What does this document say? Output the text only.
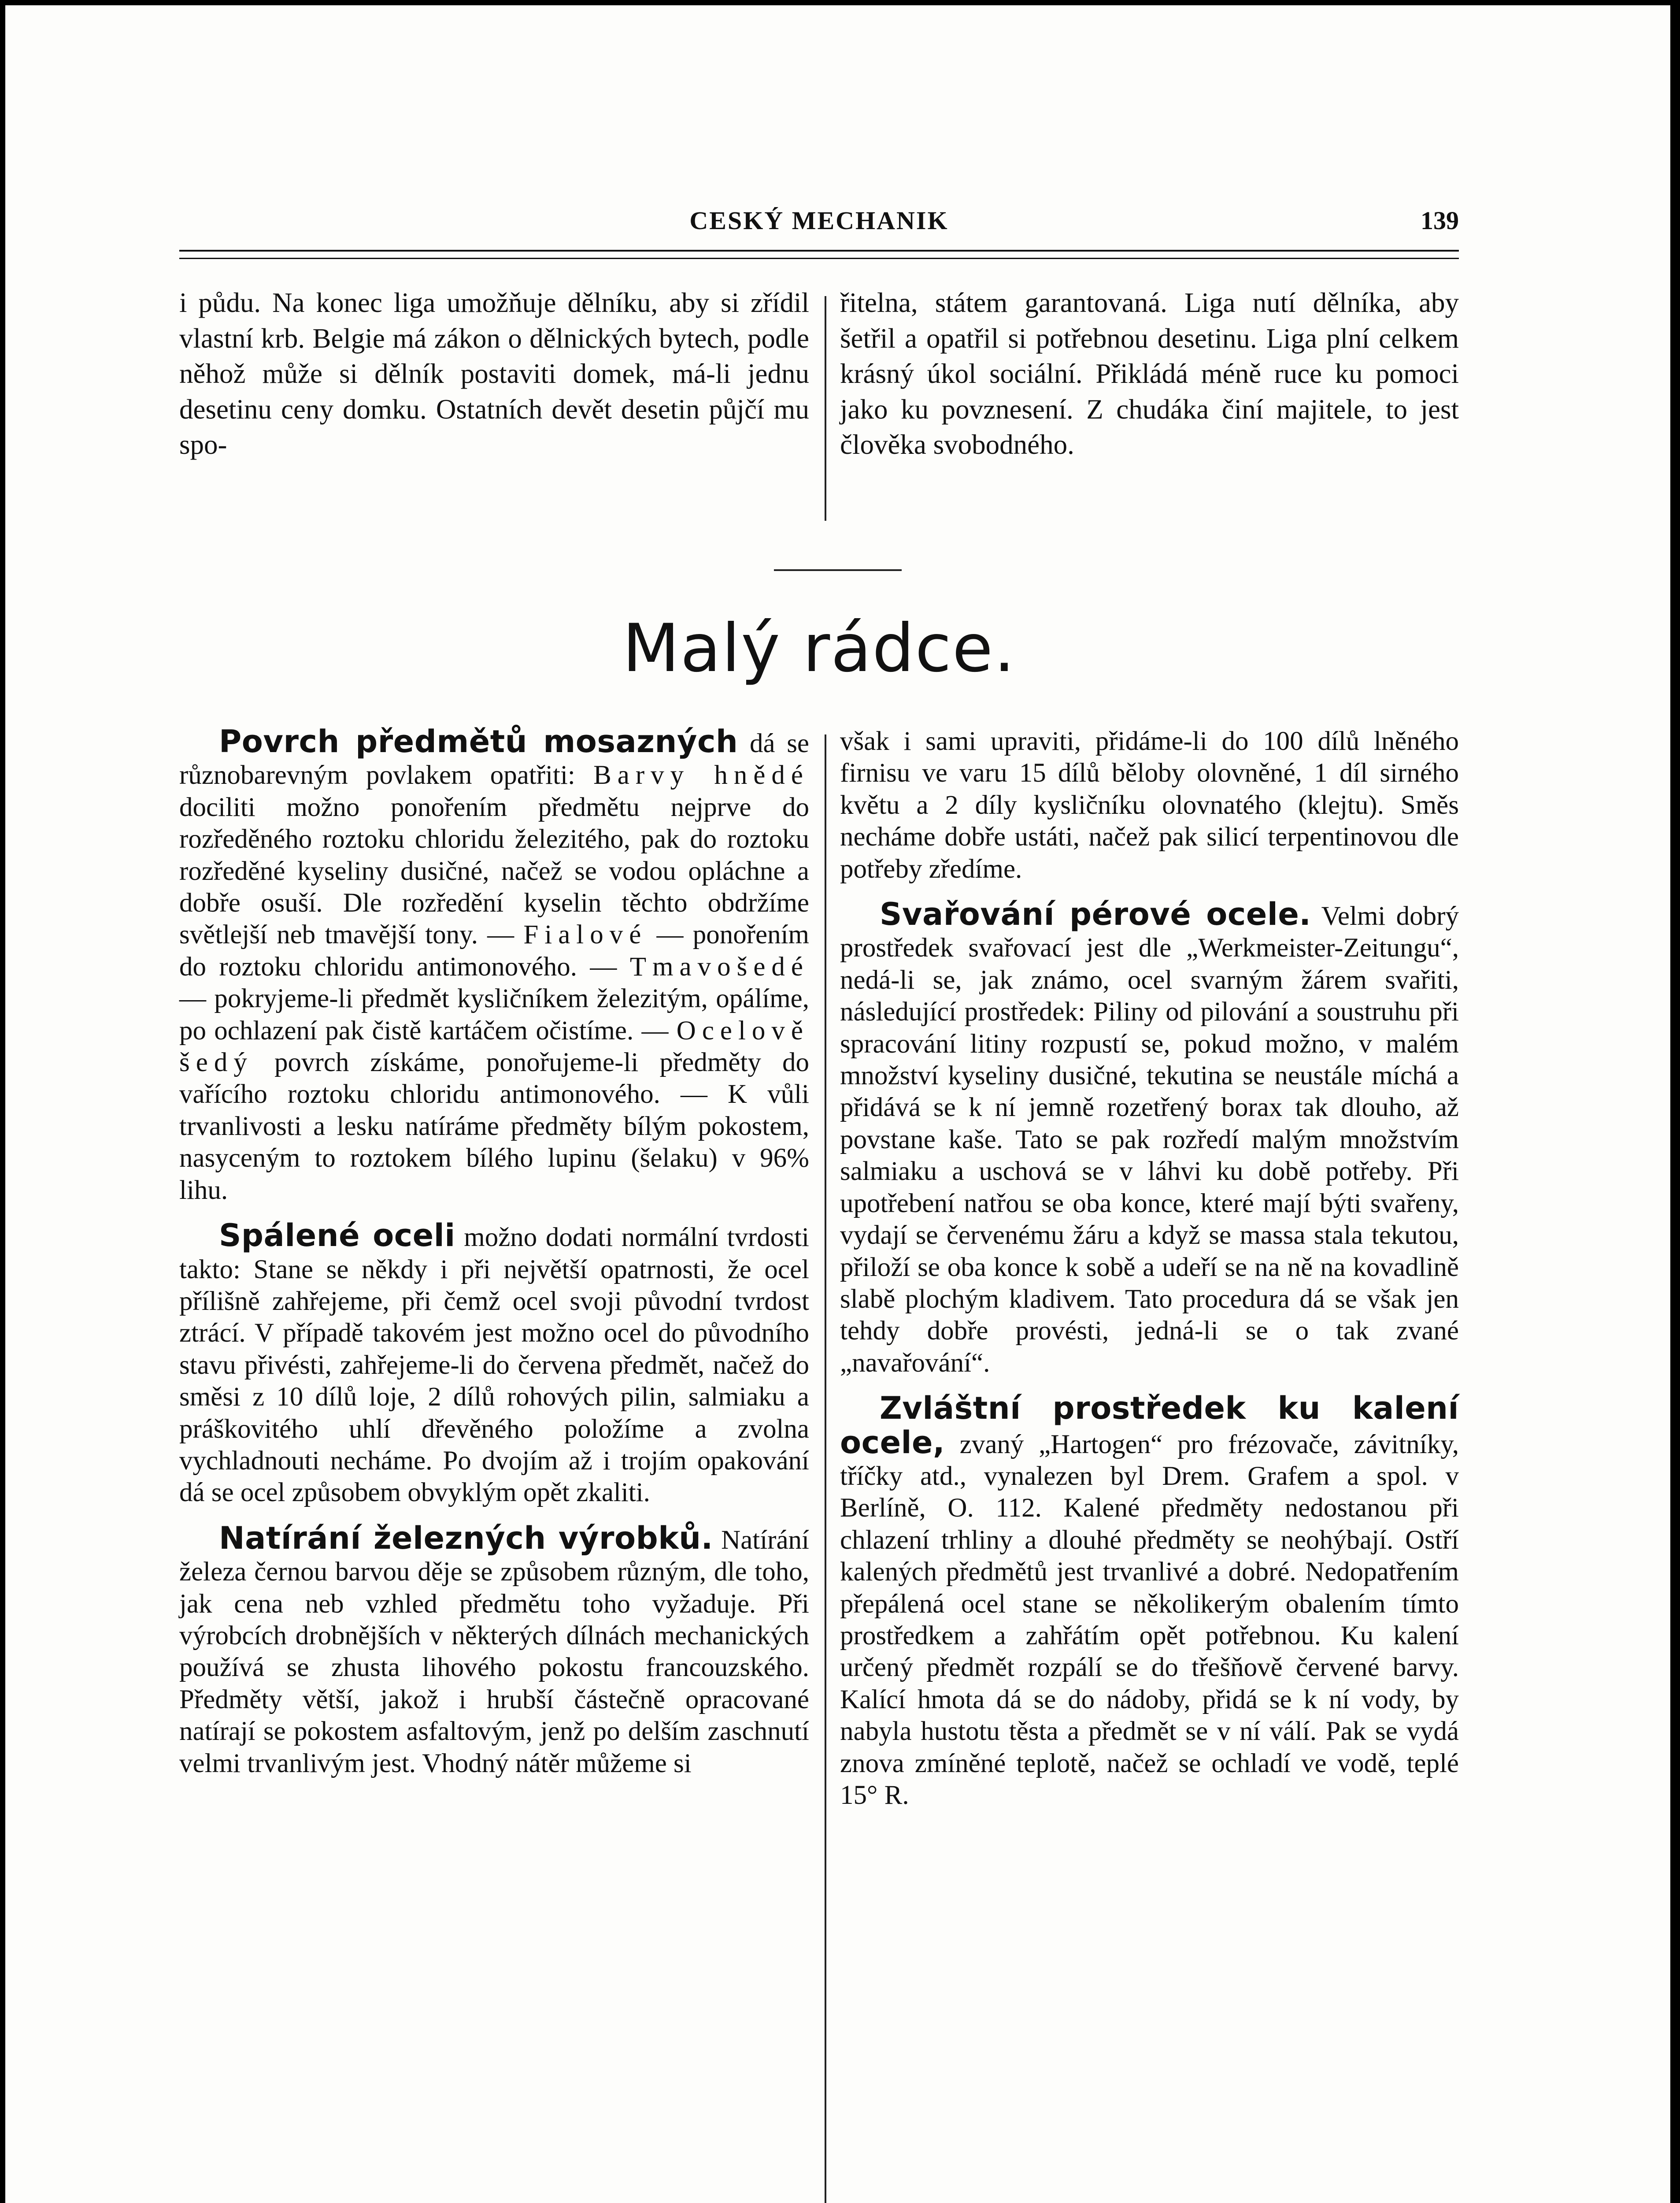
CESKÝ MECHANIK	139

i půdu. Na konec liga umožňuje dělníku, aby si zřídil vlastní krb. Belgie má zákon o dělnických bytech, podle něhož může si dělník postaviti domek, má-li jednu desetinu ceny domku. Ostatních devět desetin půjčí mu spo-

řitelna, státem garantovaná. Liga nutí dělníka, aby šetřil a opatřil si potřebnou desetinu. Liga plní celkem krásný úkol sociální. Přikládá méně ruce ku pomoci jako ku povznesení. Z chudáka činí majitele, to jest člověka svobodného.

Malý rádce.

Povrch předmětů mosazných dá se různobarevným povlakem opatřiti: Barvy hnědé dociliti možno ponořením předmětu nejprve do rozředěného roztoku chloridu železitého, pak do roztoku rozředěné kyseliny dusičné, načež se vodou opláchne a dobře osuší. Dle rozředění kyselin těchto obdržíme světlejší neb tmavější tony. — Fialové — ponořením do roztoku chloridu antimonového. — Tmavošedé — pokryjeme-li předmět kysličníkem železitým, opálíme, po ochlazení pak čistě kartáčem očistíme. — Ocelově šedý povrch získáme, ponořujeme-li předměty do vařícího roztoku chloridu antimonového. — K vůli trvanlivosti a lesku natíráme předměty bílým pokostem, nasyceným to roztokem bílého lupinu (šelaku) v 96% lihu.

Spálené oceli možno dodati normální tvrdosti takto: Stane se někdy i při největší opatrnosti, že ocel přílišně zahřejeme, při čemž ocel svoji původní tvrdost ztrácí. V případě takovém jest možno ocel do původního stavu přivésti, zahřejeme-li do červena předmět, načež do směsi z 10 dílů loje, 2 dílů rohových pilin, salmiaku a práškovitého uhlí dřevěného položíme a zvolna vychladnouti necháme. Po dvojím až i trojím opakování dá se ocel způsobem obvyklým opět zkaliti.

Natírání železných výrobků. Natírání železa černou barvou děje se způsobem různým, dle toho, jak cena neb vzhled předmětu toho vyžaduje. Při výrobcích drobnějších v některých dílnách mechanických používá se zhusta lihového pokostu francouzského. Předměty větší, jakož i hrubší částečně opracované natírají se pokostem asfaltovým, jenž po delším zaschnutí velmi trvanlivým jest. Vhodný nátěr můžeme si

však i sami upraviti, přidáme-li do 100 dílů lněného firnisu ve varu 15 dílů běloby olovněné, 1 díl sirného květu a 2 díly kysličníku olovnatého (klejtu). Směs necháme dobře ustáti, načež pak silicí terpentinovou dle potřeby zředíme.

Svařování pérové ocele. Velmi dobrý prostředek svařovací jest dle „Werkmeister-Zeitungu“, nedá-li se, jak známo, ocel svarným žárem svařiti, následující prostředek: Piliny od pilování a soustruhu při spracování litiny rozpustí se, pokud možno, v malém množství kyseliny dusičné, tekutina se neustále míchá a přidává se k ní jemně rozetřený borax tak dlouho, až povstane kaše. Tato se pak rozředí malým množstvím salmiaku a uschová se v láhvi ku době potřeby. Při upotřebení natřou se oba konce, které mají býti svařeny, vydají se červenému žáru a když se massa stala tekutou, přiloží se oba konce k sobě a udeří se na ně na kovadlině slabě plochým kladivem. Tato procedura dá se však jen tehdy dobře provésti, jedná-li se o tak zvané „navařování“.

Zvláštní prostředek ku kalení ocele, zvaný „Hartogen“ pro frézovače, závitníky, tříčky atd., vynalezen byl Drem. Grafem a spol. v Berlíně, O. 112. Kalené předměty nedostanou při chlazení trhliny a dlouhé předměty se neohýbají. Ostří kalených předmětů jest trvanlivé a dobré. Nedopatřením přepálená ocel stane se několikerým obalením tímto prostředkem a zahřátím opět potřebnou. Ku kalení určený předmět rozpálí se do třešňově červené barvy. Kalící hmota dá se do nádoby, přidá se k ní vody, by nabyla hustotu těsta a předmět se v ní válí. Pak se vydá znova zmíněné teplotě, načež se ochladí ve vodě, teplé 15° R.
